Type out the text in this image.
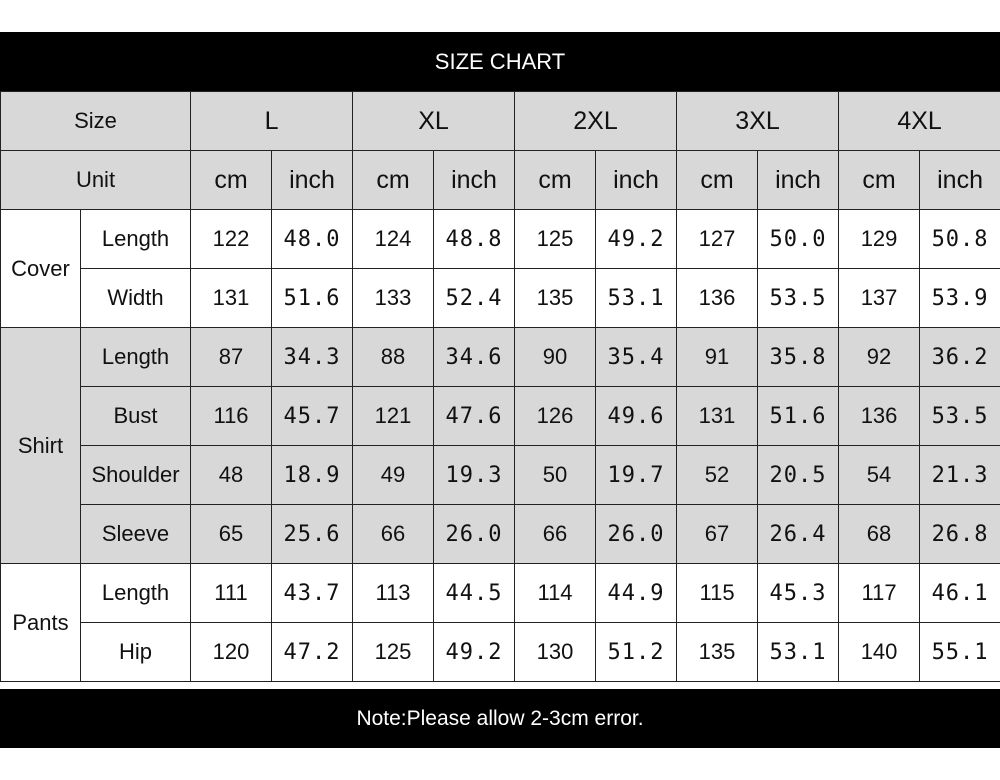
SIZE CHART
Size		L		XL		2XL		3XL		4XL	
Unit		cm	inch	cm	inch	cm	inch	cm	inch	cm	inch
Cover	Length	122	48.0	124	48.8	125	49.2	127	50.0	129	50.8
	Width	131	51.6	133	52.4	135	53.1	136	53.5	137	53.9
Shirt	Length	87	34.3	88	34.6	90	35.4	91	35.8	92	36.2
	Bust	116	45.7	121	47.6	126	49.6	131	51.6	136	53.5
	Shoulder	48	18.9	49	19.3	50	19.7	52	20.5	54	21.3
	Sleeve	65	25.6	66	26.0	66	26.0	67	26.4	68	26.8
Pants	Length	111	43.7	113	44.5	114	44.9	115	45.3	117	46.1
	Hip	120	47.2	125	49.2	130	51.2	135	53.1	140	55.1
Note:Please allow 2-3cm error.
